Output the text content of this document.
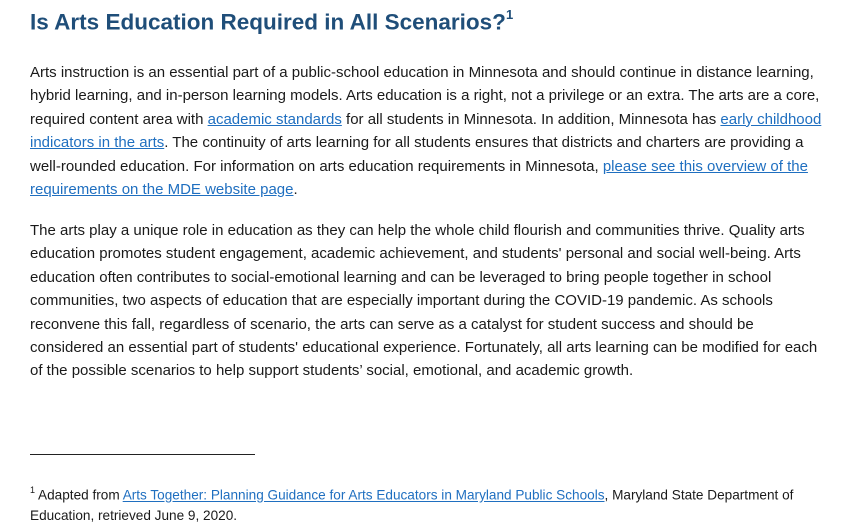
Is Arts Education Required in All Scenarios?$^1$

Arts instruction is an essential part of a public-school education in Minnesota and should continue in distance learning, hybrid learning, and in-person learning models. Arts education is a right, not a privilege or an extra. The arts are a core, required content area with academic standards for all students in Minnesota. In addition, Minnesota has early childhood indicators in the arts. The continuity of arts learning for all students ensures that districts and charters are providing a well-rounded education. For information on arts education requirements in Minnesota, please see this overview of the requirements on the MDE website page.

The arts play a unique role in education as they can help the whole child flourish and communities thrive. Quality arts education promotes student engagement, academic achievement, and students' personal and social well-being. Arts education often contributes to social-emotional learning and can be leveraged to bring people together in school communities, two aspects of education that are especially important during the COVID-19 pandemic. As schools reconvene this fall, regardless of scenario, the arts can serve as a catalyst for student success and should be considered an essential part of students' educational experience. Fortunately, all arts learning can be modified for each of the possible scenarios to help support students’ social, emotional, and academic growth.

$^1$ Adapted from Arts Together: Planning Guidance for Arts Educators in Maryland Public Schools, Maryland State Department of Education, retrieved June 9, 2020.
